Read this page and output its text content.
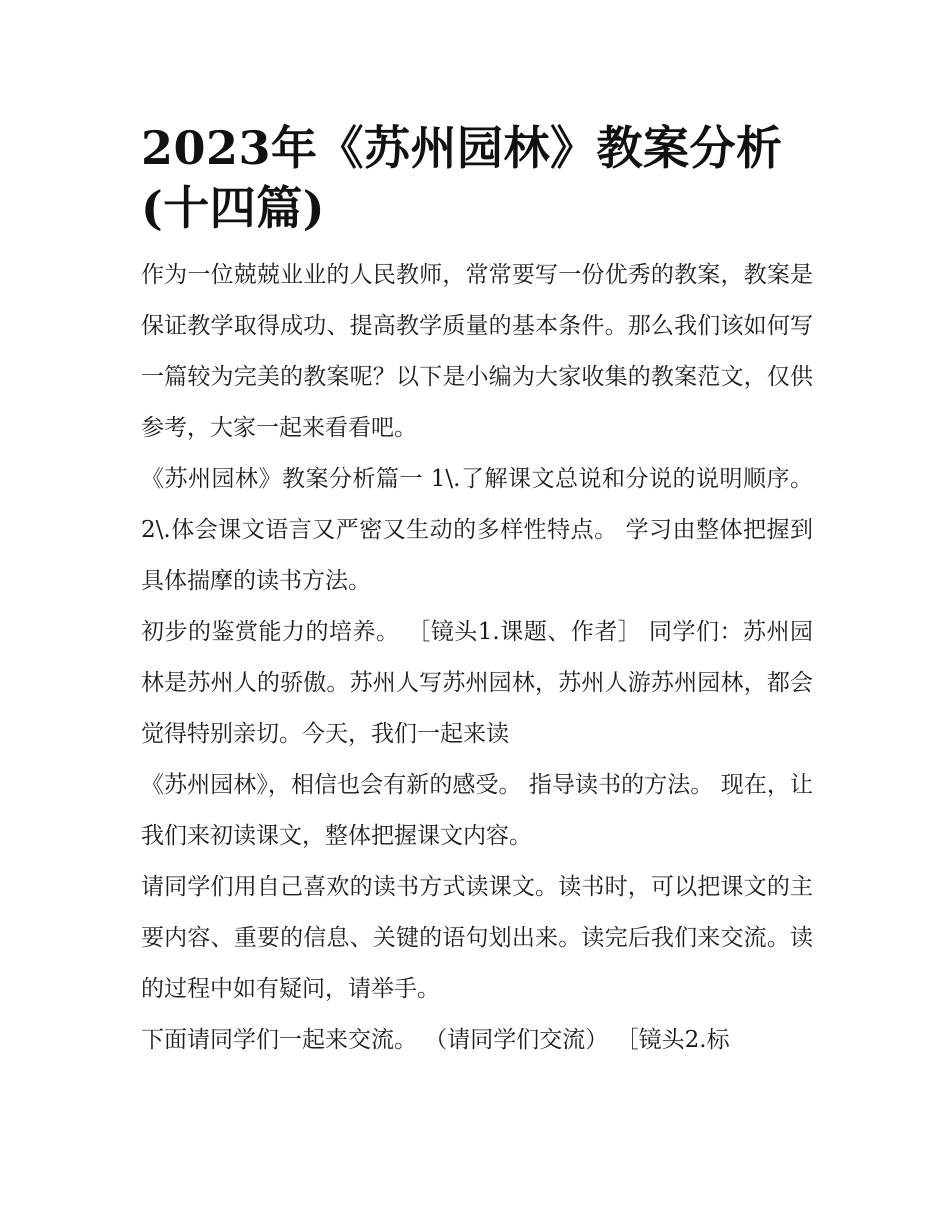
2023年《苏州园林》教案分析(十四篇)

作为一位兢兢业业的人民教师，常常要写一份优秀的教案，教案是保证教学取得成功、提高教学质量的基本条件。那么我们该如何写一篇较为完美的教案呢？以下是小编为大家收集的教案范文，仅供参考，大家一起来看看吧。

《苏州园林》教案分析篇一 1\.了解课文总说和分说的说明顺序。 2\.体会课文语言又严密又生动的多样性特点。 学习由整体把握到具体揣摩的读书方法。

初步的鉴赏能力的培养。 ［镜头1.课题、作者］ 同学们：苏州园林是苏州人的骄傲。苏州人写苏州园林，苏州人游苏州园林，都会觉得特别亲切。今天，我们一起来读

《苏州园林》，相信也会有新的感受。 指导读书的方法。 现在，让我们来初读课文，整体把握课文内容。

请同学们用自己喜欢的读书方式读课文。读书时，可以把课文的主要内容、重要的信息、关键的语句划出来。读完后我们来交流。读的过程中如有疑问，请举手。

下面请同学们一起来交流。 （请同学们交流） ［镜头2.标
